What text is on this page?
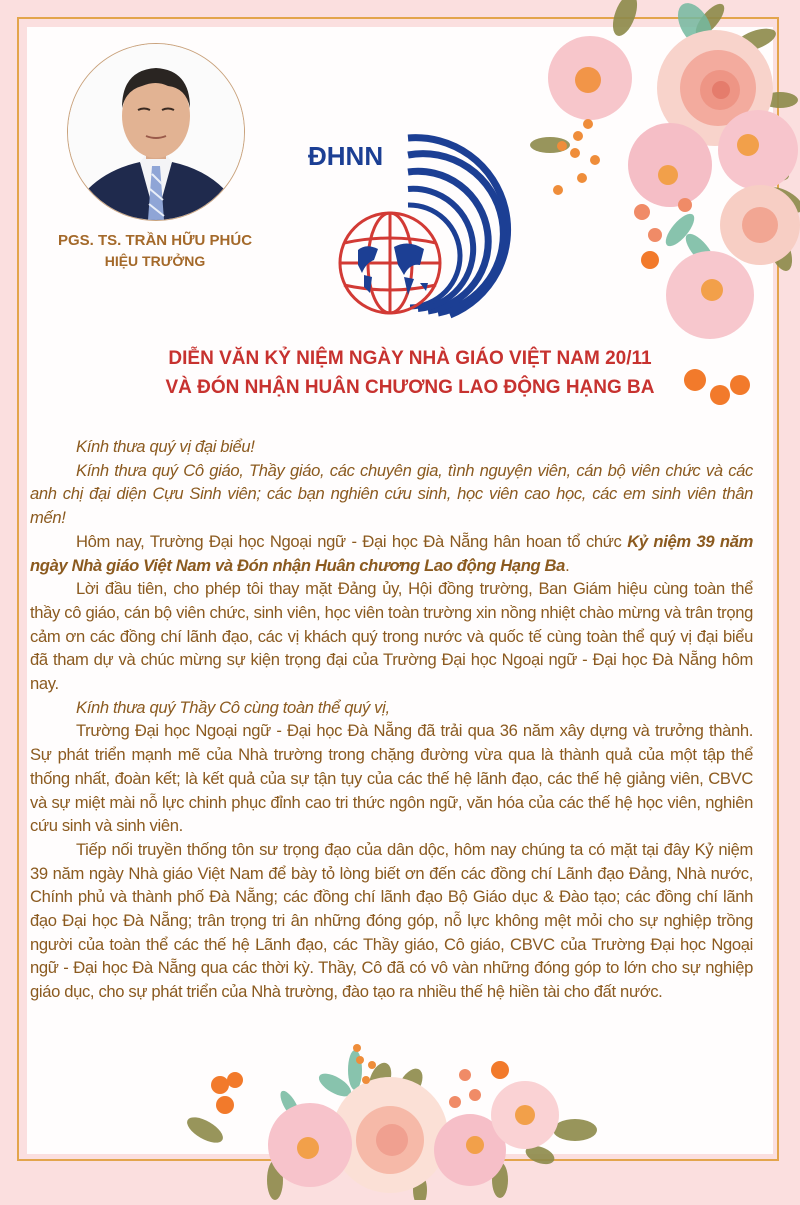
PGS. TS. TRẦN HỮU PHÚC
HIỆU TRƯỞNG
ĐHNN
DIỄN VĂN KỶ NIỆM NGÀY NHÀ GIÁO VIỆT NAM 20/11
VÀ ĐÓN NHẬN HUÂN CHƯƠNG LAO ĐỘNG HẠNG BA

Kính thưa quý vị đại biểu!

Kính thưa quý Cô giáo, Thầy giáo, các chuyên gia, tình nguyện viên, cán bộ viên chức và các anh chị đại diện Cựu Sinh viên; các bạn nghiên cứu sinh, học viên cao học, các em sinh viên thân mến!

Hôm nay, Trường Đại học Ngoại ngữ - Đại học Đà Nẵng hân hoan tổ chức Kỷ niệm 39 năm ngày Nhà giáo Việt Nam và Đón nhận Huân chương Lao động Hạng Ba.

Lời đầu tiên, cho phép tôi thay mặt Đảng ủy, Hội đồng trường, Ban Giám hiệu cùng toàn thể thầy cô giáo, cán bộ viên chức, sinh viên, học viên toàn trường xin nồng nhiệt chào mừng và trân trọng cảm ơn các đồng chí lãnh đạo, các vị khách quý trong nước và quốc tế cùng toàn thể quý vị đại biểu đã tham dự và chúc mừng sự kiện trọng đại của Trường Đại học Ngoại ngữ - Đại học Đà Nẵng hôm nay.

Kính thưa quý Thầy Cô cùng toàn thể quý vị,

Trường Đại học Ngoại ngữ - Đại học Đà Nẵng đã trải qua 36 năm xây dựng và trưởng thành. Sự phát triển mạnh mẽ của Nhà trường trong chặng đường vừa qua là thành quả của một tập thể thống nhất, đoàn kết; là kết quả của sự tận tụy của các thế hệ lãnh đạo, các thế hệ giảng viên, CBVC và sự miệt mài nỗ lực chinh phục đỉnh cao tri thức ngôn ngữ, văn hóa của các thế hệ học viên, nghiên cứu sinh và sinh viên.

Tiếp nối truyền thống tôn sư trọng đạo của dân dộc, hôm nay chúng ta có mặt tại đây Kỷ niệm 39 năm ngày Nhà giáo Việt Nam để bày tỏ lòng biết ơn đến các đồng chí Lãnh đạo Đảng, Nhà nước, Chính phủ và thành phố Đà Nẵng; các đồng chí lãnh đạo Bộ Giáo dục & Đào tạo; các đồng chí lãnh đạo Đại học Đà Nẵng; trân trọng tri ân những đóng góp, nỗ lực không mệt mỏi cho sự nghiệp trồng người của toàn thể các thế hệ Lãnh đạo, các Thầy giáo, Cô giáo, CBVC của Trường Đại học Ngoại ngữ - Đại học Đà Nẵng qua các thời kỳ. Thầy, Cô đã có vô vàn những đóng góp to lớn cho sự nghiệp giáo dục, cho sự phát triển của Nhà trường, đào tạo ra nhiều thế hệ hiền tài cho đất nước.
